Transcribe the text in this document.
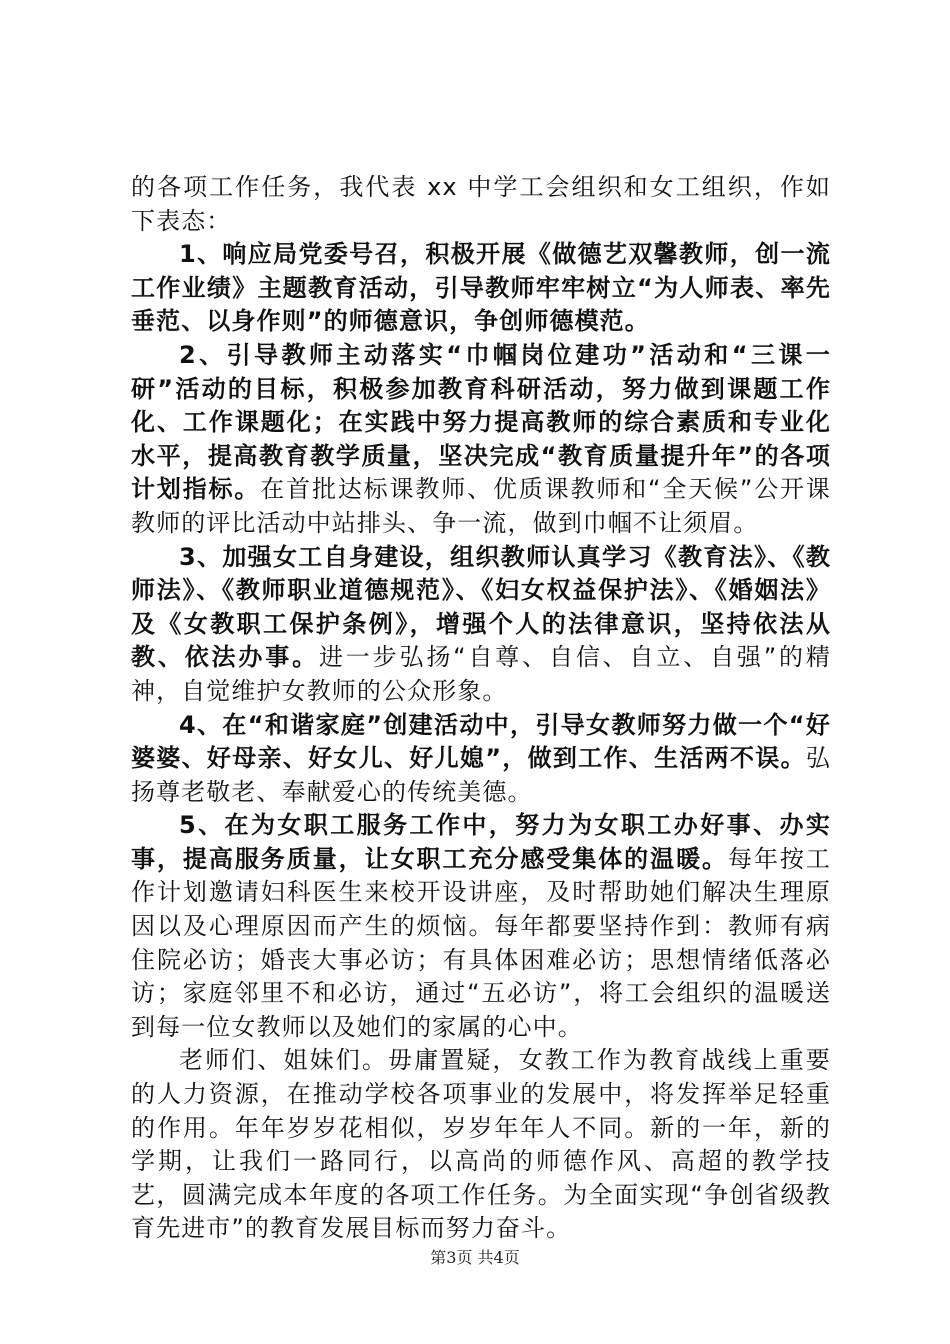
的各项工作任务，我代表 xx 中学工会组织和女工组织，作如下表态：

1、响应局党委号召，积极开展《做德艺双馨教师，创一流工作业绩》主题教育活动，引导教师牢牢树立“为人师表、率先垂范、以身作则”的师德意识，争创师德模范。

2、引导教师主动落实“巾帼岗位建功”活动和“三课一研”活动的目标，积极参加教育科研活动，努力做到课题工作化、工作课题化；在实践中努力提高教师的综合素质和专业化水平，提高教育教学质量，坚决完成“教育质量提升年”的各项计划指标。在首批达标课教师、优质课教师和“全天候”公开课教师的评比活动中站排头、争一流，做到巾帼不让须眉。

3、加强女工自身建设，组织教师认真学习《教育法》、《教师法》、《教师职业道德规范》、《妇女权益保护法》、《婚姻法》及《女教职工保护条例》，增强个人的法律意识，坚持依法从教、依法办事。进一步弘扬“自尊、自信、自立、自强”的精神，自觉维护女教师的公众形象。

4、在“和谐家庭”创建活动中，引导女教师努力做一个“好婆婆、好母亲、好女儿、好儿媳”，做到工作、生活两不误。弘扬尊老敬老、奉献爱心的传统美德。

5、在为女职工服务工作中，努力为女职工办好事、办实事，提高服务质量，让女职工充分感受集体的温暖。每年按工作计划邀请妇科医生来校开设讲座，及时帮助她们解决生理原因以及心理原因而产生的烦恼。每年都要坚持作到：教师有病住院必访；婚丧大事必访；有具体困难必访；思想情绪低落必访；家庭邻里不和必访，通过“五必访”，将工会组织的温暖送到每一位女教师以及她们的家属的心中。

老师们、姐妹们。毋庸置疑，女教工作为教育战线上重要的人力资源，在推动学校各项事业的发展中，将发挥举足轻重的作用。年年岁岁花相似，岁岁年年人不同。新的一年，新的学期，让我们一路同行，以高尚的师德作风、高超的教学技艺，圆满完成本年度的各项工作任务。为全面实现“争创省级教育先进市”的教育发展目标而努力奋斗。

第3页 共4页
